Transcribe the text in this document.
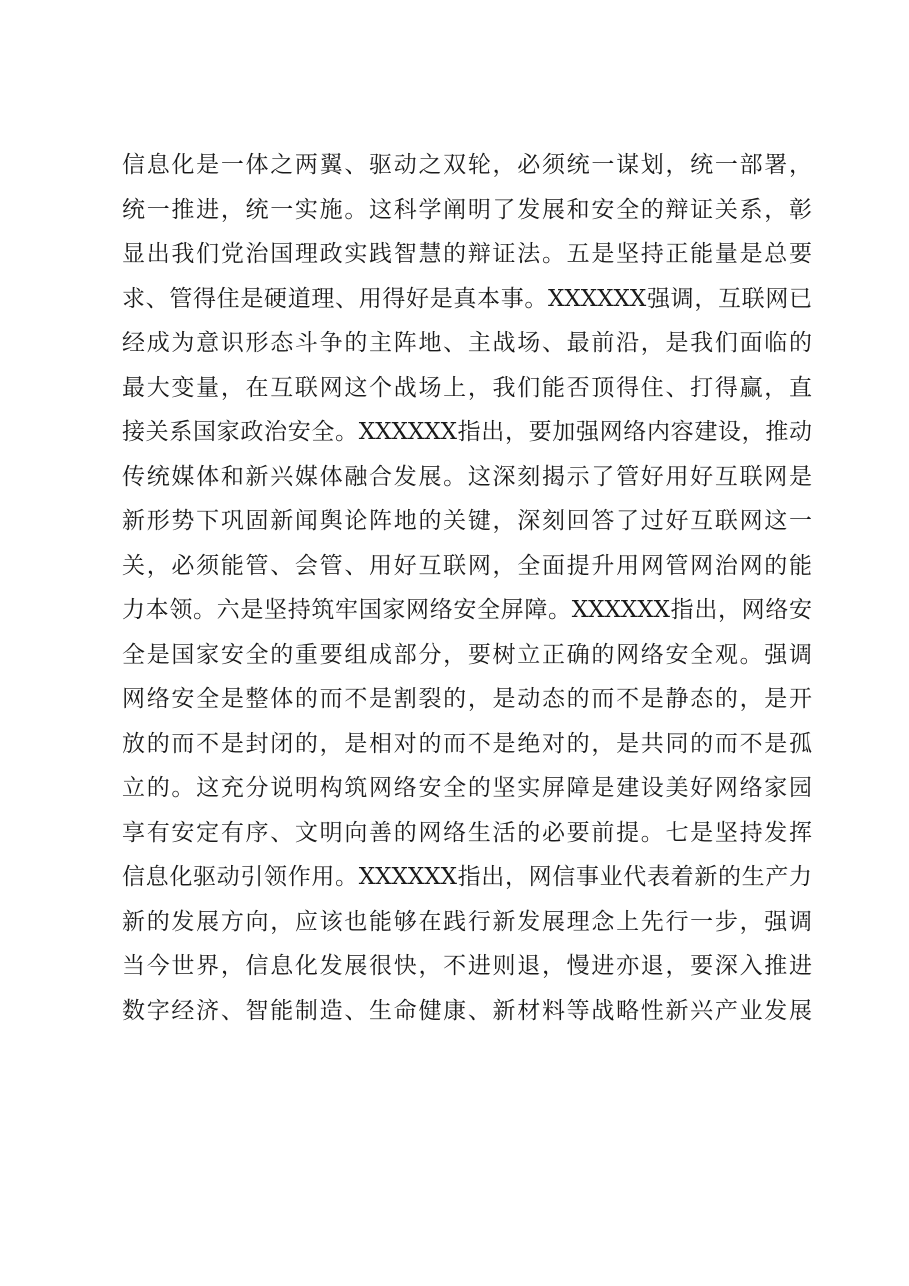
信息化是一体之两翼、驱动之双轮，必须统一谋划，统一部署，
统一推进，统一实施。这科学阐明了发展和安全的辩证关系，彰
显出我们党治国理政实践智慧的辩证法。五是坚持正能量是总要
求、管得住是硬道理、用得好是真本事。XXXXXX强调，互联网已
经成为意识形态斗争的主阵地、主战场、最前沿，是我们面临的
最大变量，在互联网这个战场上，我们能否顶得住、打得赢，直
接关系国家政治安全。XXXXXX指出，要加强网络内容建设，推动
传统媒体和新兴媒体融合发展。这深刻揭示了管好用好互联网是
新形势下巩固新闻舆论阵地的关键，深刻回答了过好互联网这一
关，必须能管、会管、用好互联网，全面提升用网管网治网的能
力本领。六是坚持筑牢国家网络安全屏障。XXXXXX指出，网络安
全是国家安全的重要组成部分，要树立正确的网络安全观。强调
网络安全是整体的而不是割裂的，是动态的而不是静态的，是开
放的而不是封闭的，是相对的而不是绝对的，是共同的而不是孤
立的。这充分说明构筑网络安全的坚实屏障是建设美好网络家园
享有安定有序、文明向善的网络生活的必要前提。七是坚持发挥
信息化驱动引领作用。XXXXXX指出，网信事业代表着新的生产力
新的发展方向，应该也能够在践行新发展理念上先行一步，强调
当今世界，信息化发展很快，不进则退，慢进亦退，要深入推进
数字经济、智能制造、生命健康、新材料等战略性新兴产业发展
